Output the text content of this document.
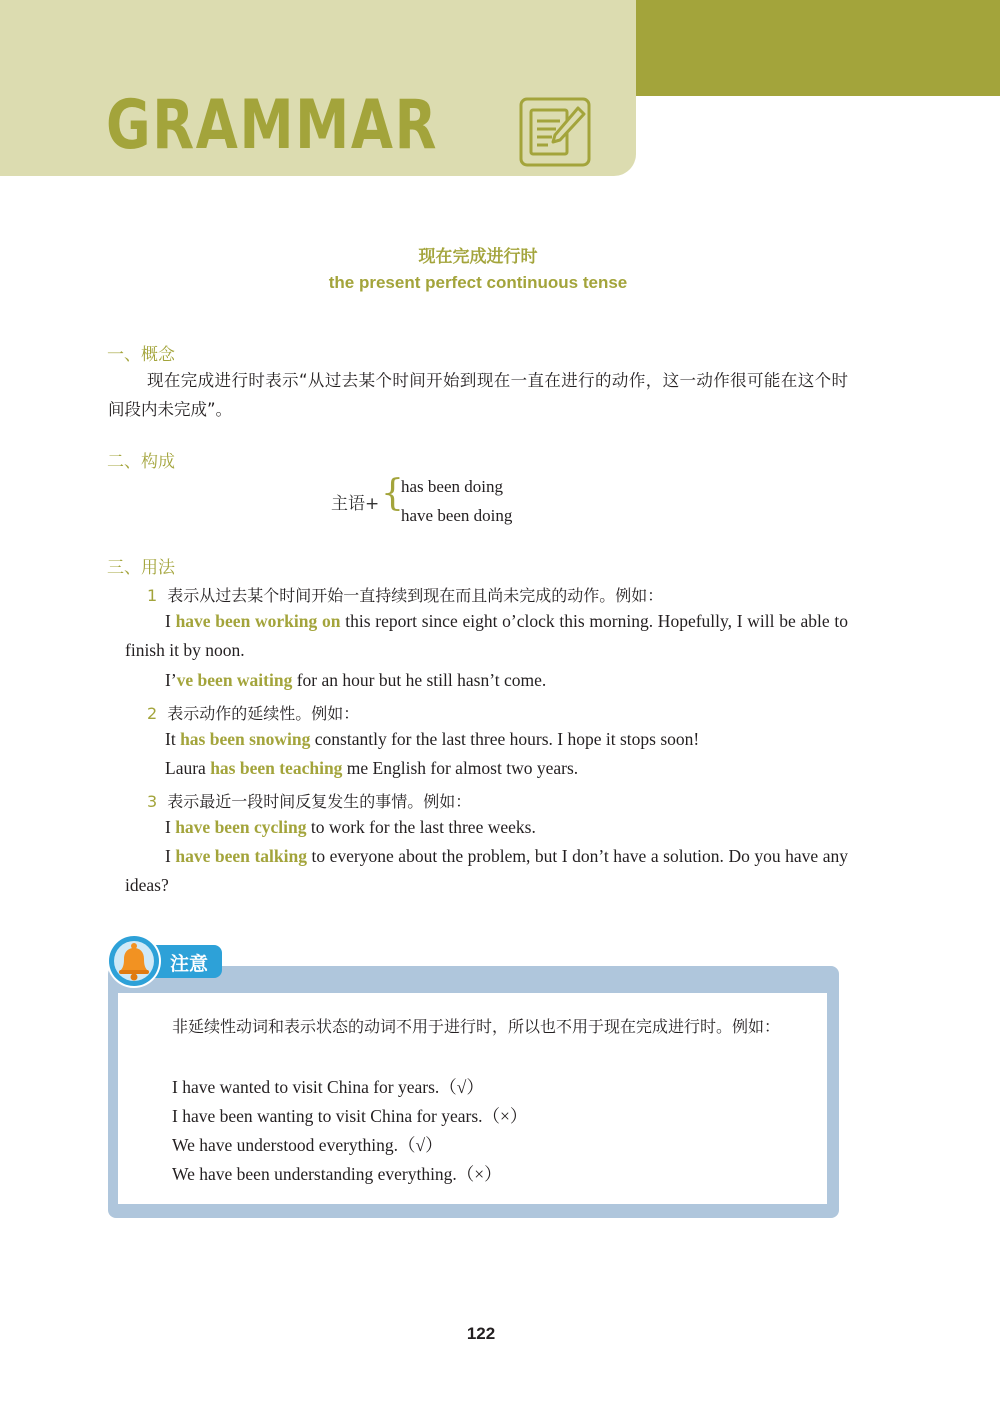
GRAMMAR
现在完成进行时
the present perfect continuous tense
一、概念
现在完成进行时表示“从过去某个时间开始到现在一直在进行的动作，这一动作很可能在这个时间段内未完成”。
二、构成
主语+ {
has been doing
have been doing
三、用法
1 表示从过去某个时间开始一直持续到现在而且尚未完成的动作。例如：
I have been working on this report since eight o’clock this morning. Hopefully, I will be able to finish it by noon.
I’ve been waiting for an hour but he still hasn’t come.
2 表示动作的延续性。例如：
It has been snowing constantly for the last three hours. I hope it stops soon!
Laura has been teaching me English for almost two years.
3 表示最近一段时间反复发生的事情。例如：
I have been cycling to work for the last three weeks.
I have been talking to everyone about the problem, but I don’t have a solution. Do you have any ideas?
注意
非延续性动词和表示状态的动词不用于进行时，所以也不用于现在完成进行时。例如：
I have wanted to visit China for years.（√）
I have been wanting to visit China for years.（×）
We have understood everything.（√）
We have been understanding everything.（×）
122
